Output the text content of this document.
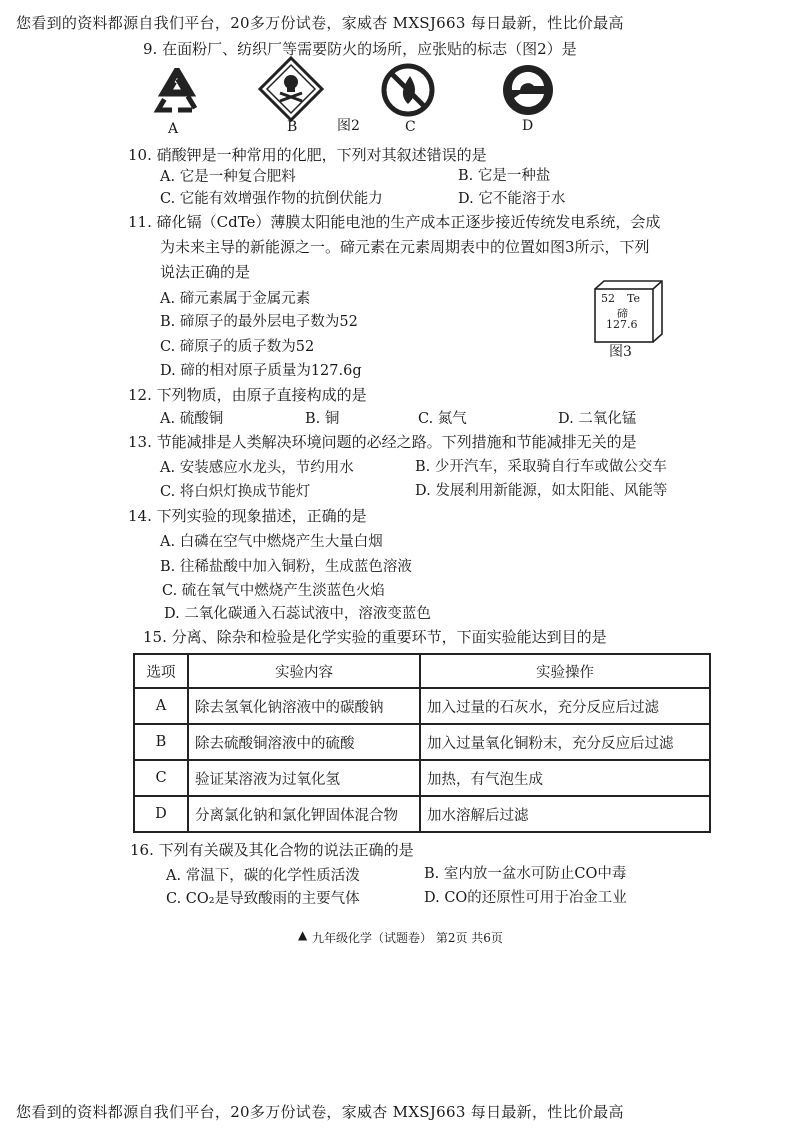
您看到的资料都源自我们平台，20多万份试卷，家威杏 MXSJ663 每日最新，性比价最高
9. 在面粉厂、纺织厂等需要防火的场所，应张贴的标志（图2）是
A	B	图2	C	D
10. 硝酸钾是一种常用的化肥，下列对其叙述错误的是
A. 它是一种复合肥料	B. 它是一种盐
C. 它能有效增强作物的抗倒伏能力	D. 它不能溶于水
11. 碲化镉（CdTe）薄膜太阳能电池的生产成本正逐步接近传统发电系统，会成
为未来主导的新能源之一。碲元素在元素周期表中的位置如图3所示，下列
说法正确的是
A. 碲元素属于金属元素
B. 碲原子的最外层电子数为52
C. 碲原子的质子数为52
D. 碲的相对原子质量为127.6g
52 Te
碲
127.6
图3
12. 下列物质，由原子直接构成的是
A. 硫酸铜	B. 铜	C. 氮气	D. 二氧化锰
13. 节能减排是人类解决环境问题的必经之路。下列措施和节能减排无关的是
A. 安装感应水龙头，节约用水	B. 少开汽车，采取骑自行车或做公交车
C. 将白炽灯换成节能灯	D. 发展利用新能源，如太阳能、风能等
14. 下列实验的现象描述，正确的是
A. 白磷在空气中燃烧产生大量白烟
B. 往稀盐酸中加入铜粉，生成蓝色溶液
C. 硫在氧气中燃烧产生淡蓝色火焰
D. 二氧化碳通入石蕊试液中，溶液变蓝色
15. 分离、除杂和检验是化学实验的重要环节，下面实验能达到目的是
选项	实验内容	实验操作
A	除去氢氧化钠溶液中的碳酸钠	加入过量的石灰水，充分反应后过滤
B	除去硫酸铜溶液中的硫酸	加入过量氧化铜粉末，充分反应后过滤
C	验证某溶液为过氧化氢	加热，有气泡生成
D	分离氯化钠和氯化钾固体混合物	加水溶解后过滤
16. 下列有关碳及其化合物的说法正确的是
A. 常温下，碳的化学性质活泼	B. 室内放一盆水可防止CO中毒
C. CO₂是导致酸雨的主要气体	D. CO的还原性可用于冶金工业
▲ 九年级化学（试题卷） 第2页 共6页
您看到的资料都源自我们平台，20多万份试卷，家威杏 MXSJ663 每日最新，性比价最高
